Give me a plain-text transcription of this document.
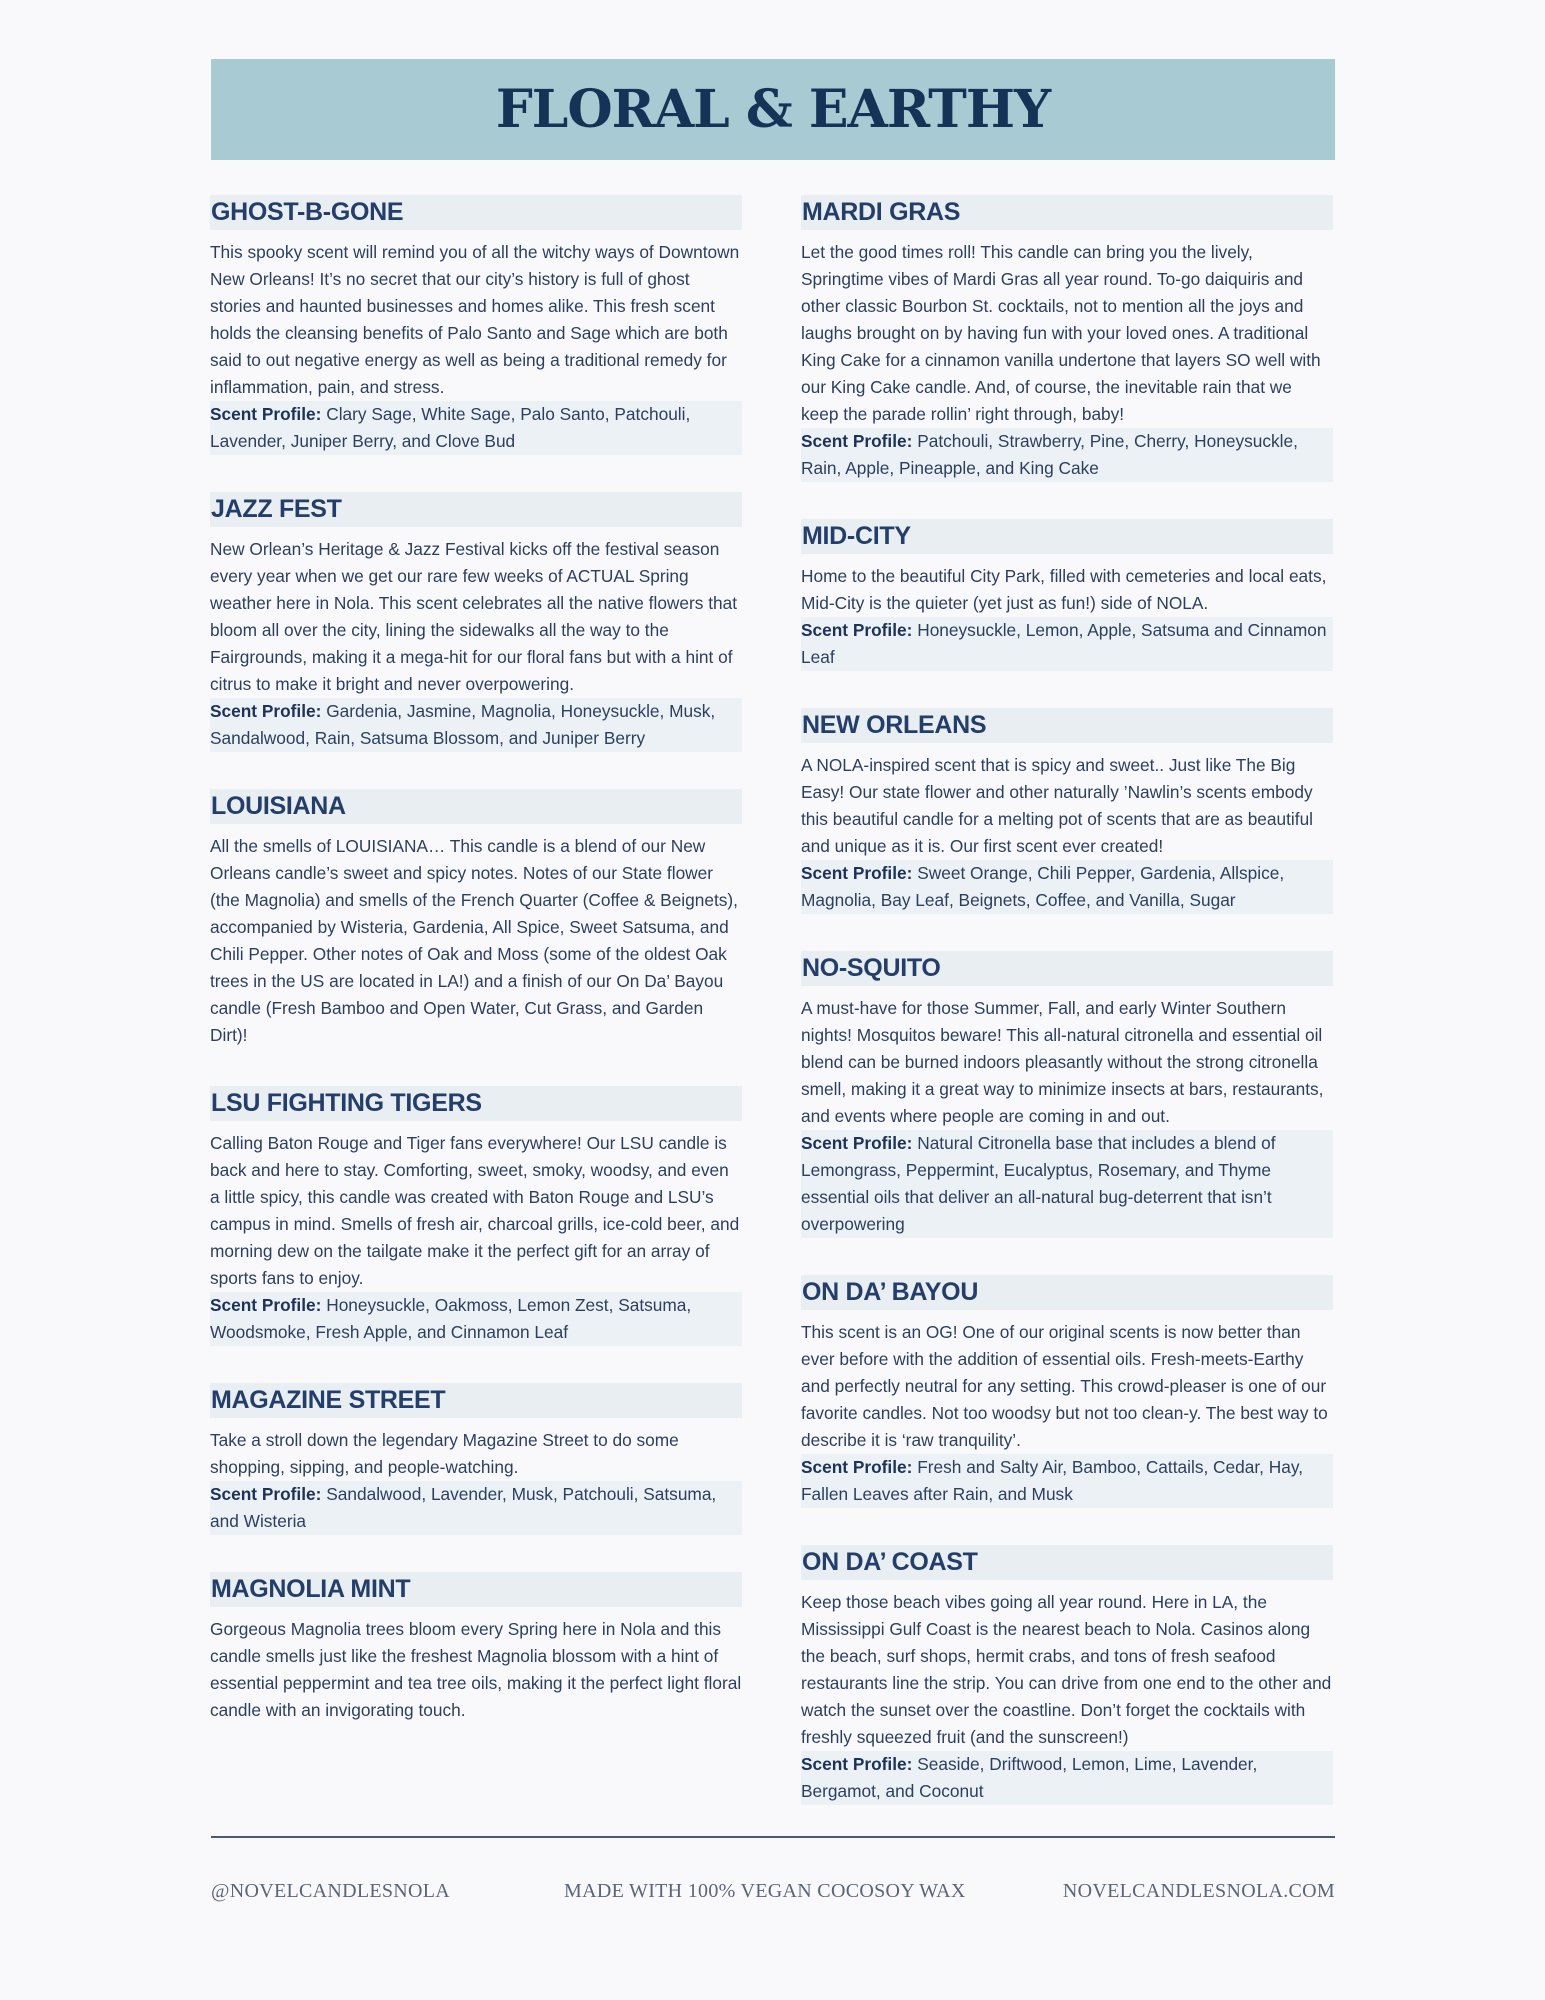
FLORAL & EARTHY
GHOST-B-GONE
This spooky scent will remind you of all the witchy ways of Downtown New Orleans! It’s no secret that our city’s history is full of ghost stories and haunted businesses and homes alike. This fresh scent holds the cleansing benefits of Palo Santo and Sage which are both said to out negative energy as well as being a traditional remedy for inflammation, pain, and stress.
Scent Profile: Clary Sage, White Sage, Palo Santo, Patchouli, Lavender, Juniper Berry, and Clove Bud
JAZZ FEST
New Orlean’s Heritage & Jazz Festival kicks off the festival season every year when we get our rare few weeks of ACTUAL Spring weather here in Nola. This scent celebrates all the native flowers that bloom all over the city, lining the sidewalks all the way to the Fairgrounds, making it a mega-hit for our floral fans but with a hint of citrus to make it bright and never overpowering.
Scent Profile: Gardenia, Jasmine, Magnolia, Honeysuckle, Musk, Sandalwood, Rain, Satsuma Blossom, and Juniper Berry
LOUISIANA
All the smells of LOUISIANA… This candle is a blend of our New Orleans candle’s sweet and spicy notes. Notes of our State flower (the Magnolia) and smells of the French Quarter (Coffee & Beignets), accompanied by Wisteria, Gardenia, All Spice, Sweet Satsuma, and Chili Pepper. Other notes of Oak and Moss (some of the oldest Oak trees in the US are located in LA!) and a finish of our On Da’ Bayou candle (Fresh Bamboo and Open Water, Cut Grass, and Garden Dirt)!
LSU FIGHTING TIGERS
Calling Baton Rouge and Tiger fans everywhere! Our LSU candle is back and here to stay. Comforting, sweet, smoky, woodsy, and even a little spicy, this candle was created with Baton Rouge and LSU’s campus in mind. Smells of fresh air, charcoal grills, ice-cold beer, and morning dew on the tailgate make it the perfect gift for an array of sports fans to enjoy.
Scent Profile: Honeysuckle, Oakmoss, Lemon Zest, Satsuma, Woodsmoke, Fresh Apple, and Cinnamon Leaf
MAGAZINE STREET
Take a stroll down the legendary Magazine Street to do some shopping, sipping, and people-watching.
Scent Profile: Sandalwood, Lavender, Musk, Patchouli, Satsuma, and Wisteria
MAGNOLIA MINT
Gorgeous Magnolia trees bloom every Spring here in Nola and this candle smells just like the freshest Magnolia blossom with a hint of essential peppermint and tea tree oils, making it the perfect light floral candle with an invigorating touch.
MARDI GRAS
Let the good times roll! This candle can bring you the lively, Springtime vibes of Mardi Gras all year round. To-go daiquiris and other classic Bourbon St. cocktails, not to mention all the joys and laughs brought on by having fun with your loved ones. A traditional King Cake for a cinnamon vanilla undertone that layers SO well with our King Cake candle. And, of course, the inevitable rain that we keep the parade rollin’ right through, baby!
Scent Profile: Patchouli, Strawberry, Pine, Cherry, Honeysuckle, Rain, Apple, Pineapple, and King Cake
MID-CITY
Home to the beautiful City Park, filled with cemeteries and local eats, Mid-City is the quieter (yet just as fun!) side of NOLA.
Scent Profile: Honeysuckle, Lemon, Apple, Satsuma and Cinnamon Leaf
NEW ORLEANS
A NOLA-inspired scent that is spicy and sweet.. Just like The Big Easy! Our state flower and other naturally ’Nawlin’s scents embody this beautiful candle for a melting pot of scents that are as beautiful and unique as it is. Our first scent ever created!
Scent Profile: Sweet Orange, Chili Pepper, Gardenia, Allspice, Magnolia, Bay Leaf, Beignets, Coffee, and Vanilla, Sugar
NO-SQUITO
A must-have for those Summer, Fall, and early Winter Southern nights! Mosquitos beware! This all-natural citronella and essential oil blend can be burned indoors pleasantly without the strong citronella smell, making it a great way to minimize insects at bars, restaurants, and events where people are coming in and out.
Scent Profile: Natural Citronella base that includes a blend of Lemongrass, Peppermint, Eucalyptus, Rosemary, and Thyme essential oils that deliver an all-natural bug-deterrent that isn’t overpowering
ON DA’ BAYOU
This scent is an OG! One of our original scents is now better than ever before with the addition of essential oils. Fresh-meets-Earthy and perfectly neutral for any setting. This crowd-pleaser is one of our favorite candles. Not too woodsy but not too clean-y. The best way to describe it is ‘raw tranquility’.
Scent Profile: Fresh and Salty Air, Bamboo, Cattails, Cedar, Hay, Fallen Leaves after Rain, and Musk
ON DA’ COAST
Keep those beach vibes going all year round. Here in LA, the Mississippi Gulf Coast is the nearest beach to Nola. Casinos along the beach, surf shops, hermit crabs, and tons of fresh seafood restaurants line the strip. You can drive from one end to the other and watch the sunset over the coastline. Don’t forget the cocktails with freshly squeezed fruit (and the sunscreen!)
Scent Profile: Seaside, Driftwood, Lemon, Lime, Lavender, Bergamot, and Coconut
@NOVELCANDLESNOLA	MADE WITH 100% VEGAN COCOSOY WAX	NOVELCANDLESNOLA.COM
